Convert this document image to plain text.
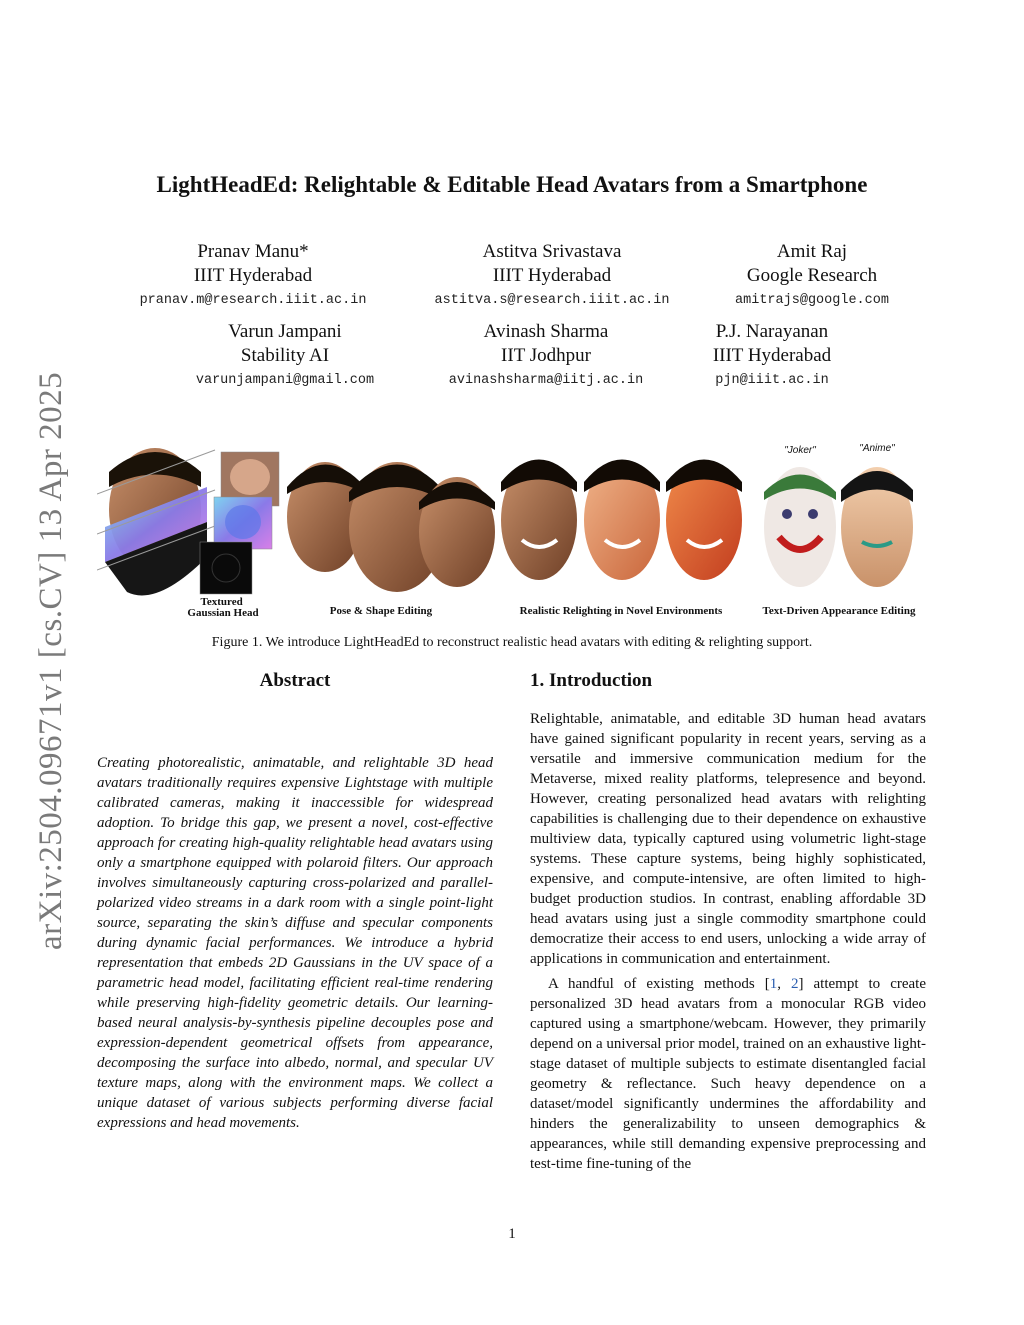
arXiv:2504.09671v1 [cs.CV] 13 Apr 2025
LightHeadEd: Relightable & Editable Head Avatars from a Smartphone
Pranav Manu*
IIIT Hyderabad
pranav.m@research.iiit.ac.in
Astitva Srivastava
IIIT Hyderabad
astitva.s@research.iiit.ac.in
Amit Raj
Google Research
amitrajs@google.com
Varun Jampani
Stability AI
varunjampani@gmail.com
Avinash Sharma
IIT Jodhpur
avinashsharma@iitj.ac.in
P.J. Narayanan
IIIT Hyderabad
pjn@iiit.ac.in
Textured Gaussian Head	Pose & Shape Editing	Realistic Relighting in Novel Environments
"Joker"	"Anime"
Text-Driven Appearance Editing
Figure 1. We introduce LightHeadEd to reconstruct realistic head avatars with editing & relighting support.
Abstract
Creating photorealistic, animatable, and relightable 3D head avatars traditionally requires expensive Lightstage with multiple calibrated cameras, making it inaccessible for widespread adoption. To bridge this gap, we present a novel, cost-effective approach for creating high-quality relightable head avatars using only a smartphone equipped with polaroid filters. Our approach involves simultaneously capturing cross-polarized and parallel-polarized video streams in a dark room with a single point-light source, separating the skin’s diffuse and specular components during dynamic facial performances. We introduce a hybrid representation that embeds 2D Gaussians in the UV space of a parametric head model, facilitating efficient real-time rendering while preserving high-fidelity geometric details. Our learning-based neural analysis-by-synthesis pipeline decouples pose and expression-dependent geometrical offsets from appearance, decomposing the surface into albedo, normal, and specular UV texture maps, along with the environment maps. We collect a unique dataset of various subjects performing diverse facial expressions and head movements.
1. Introduction

Relightable, animatable, and editable 3D human head avatars have gained significant popularity in recent years, serving as a versatile and immersive communication medium for the Metaverse, mixed reality platforms, telepresence and beyond. However, creating personalized head avatars with relighting capabilities is challenging due to their dependence on exhaustive multiview data, typically captured using volumetric light-stage systems. These capture systems, being highly sophisticated, expensive, and compute-intensive, are often limited to high-budget production studios. In contrast, enabling affordable 3D head avatars using just a single commodity smartphone could democratize their access to end users, unlocking a wide array of applications in communication and entertainment.

A handful of existing methods [1, 2] attempt to create personalized 3D head avatars from a monocular RGB video captured using a smartphone/webcam. However, they primarily depend on a universal prior model, trained on an exhaustive light-stage dataset of multiple subjects to estimate disentangled facial geometry & reflectance. Such heavy dependence on a dataset/model significantly undermines the affordability and hinders the generalizability to unseen demographics & appearances, while still demanding expensive preprocessing and test-time fine-tuning of the

1
